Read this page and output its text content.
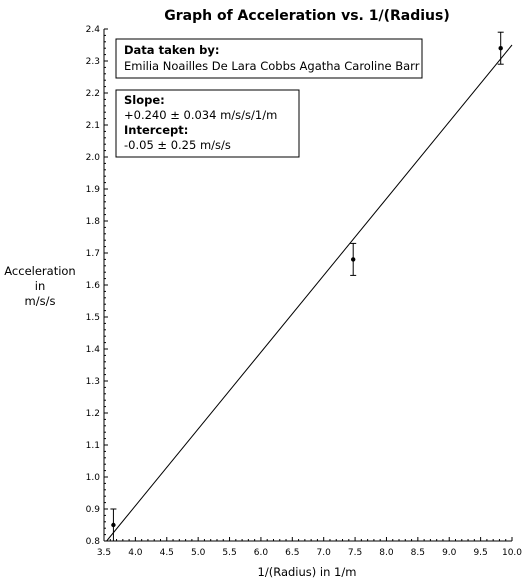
Graph of Acceleration vs. 1/(Radius)
0.8
0.9
1.0
1.1
1.2
1.3
1.4
1.5
1.6
1.7
1.8
1.9
2.0
2.1
2.2
2.3
2.4
3.5 4.0 4.5 5.0 5.5 6.0 6.5 7.0 7.5 8.0 8.5 9.0 9.5 10.0
Acceleration
in
m/s/s
1/(Radius) in 1/m
Data taken by:
Emilia Noailles De Lara Cobbs Agatha Caroline Barr
Slope:
+0.240 ± 0.034 m/s/s/1/m
Intercept:
-0.05 ± 0.25 m/s/s
